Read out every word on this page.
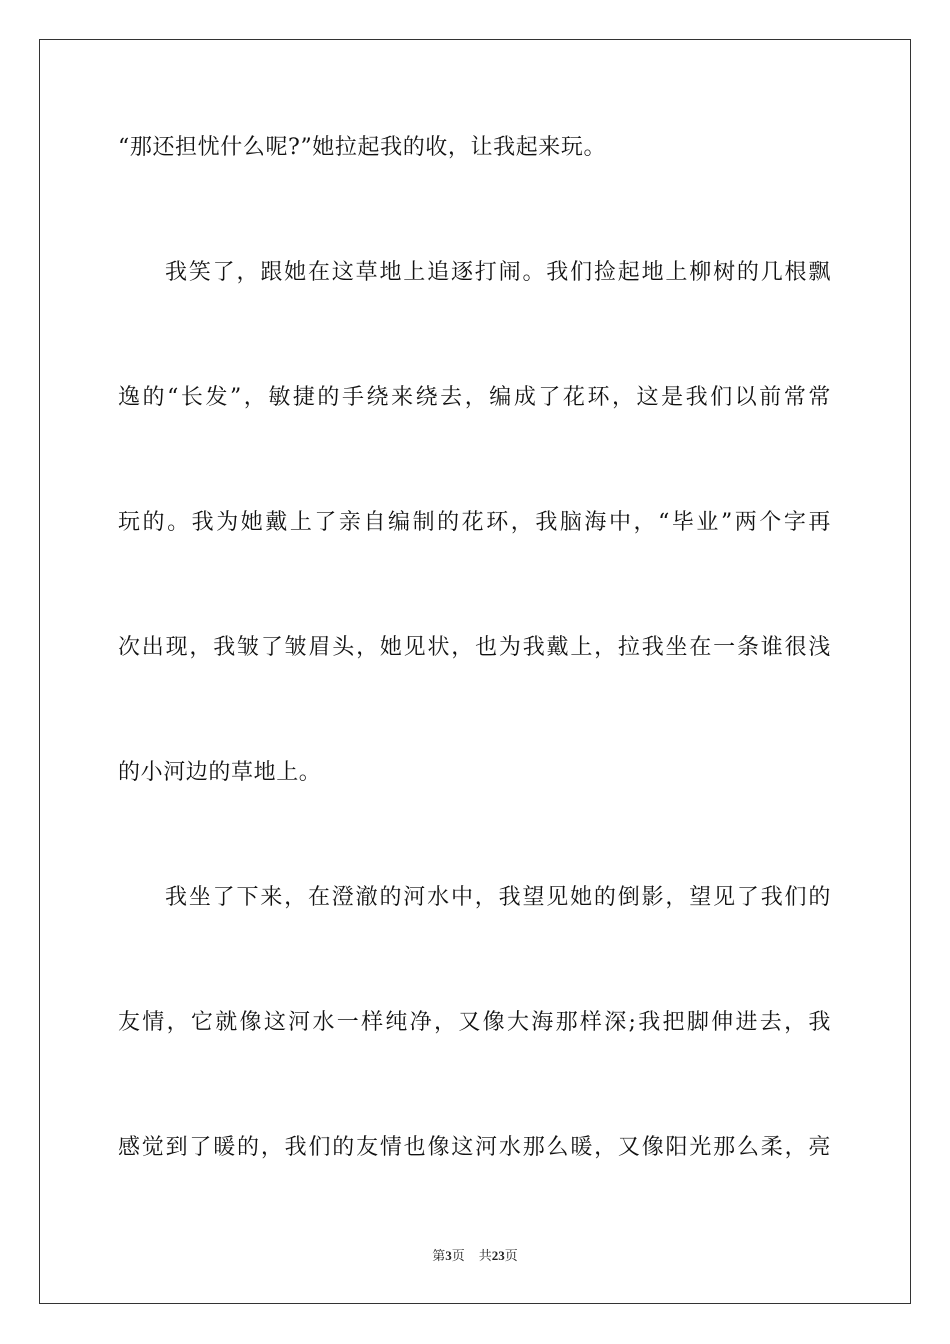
“那还担忧什么呢?”她拉起我的收，让我起来玩。
我笑了，跟她在这草地上追逐打闹。我们捡起地上柳树的几根飘
逸的“长发”，敏捷的手绕来绕去，编成了花环，这是我们以前常常
玩的。我为她戴上了亲自编制的花环，我脑海中，“毕业”两个字再
次出现，我皱了皱眉头，她见状，也为我戴上，拉我坐在一条谁很浅
的小河边的草地上。
我坐了下来，在澄澈的河水中，我望见她的倒影，望见了我们的
友情，它就像这河水一样纯净，又像大海那样深;我把脚伸进去，我
感觉到了暖的，我们的友情也像这河水那么暖，又像阳光那么柔，亮
第3页 共23页
